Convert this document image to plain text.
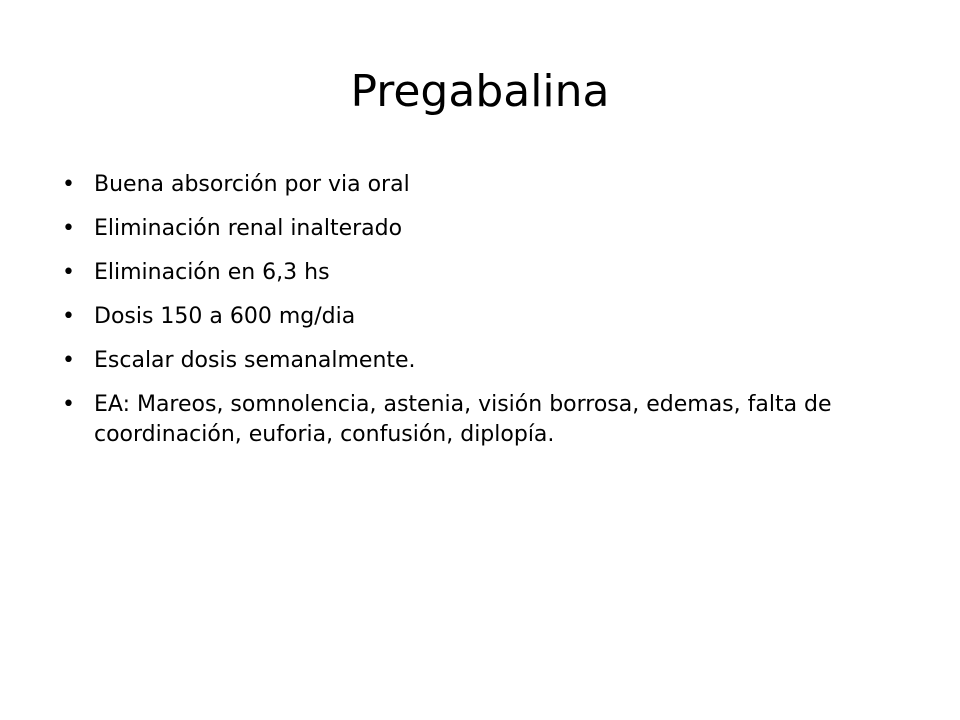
Pregabalina
• Buena absorción por via oral
• Eliminación renal inalterado
• Eliminación en 6,3 hs
• Dosis 150 a 600 mg/dia
• Escalar dosis semanalmente.
• EA: Mareos, somnolencia, astenia, visión borrosa, edemas, falta de coordinación, euforia, confusión, diplopía.
